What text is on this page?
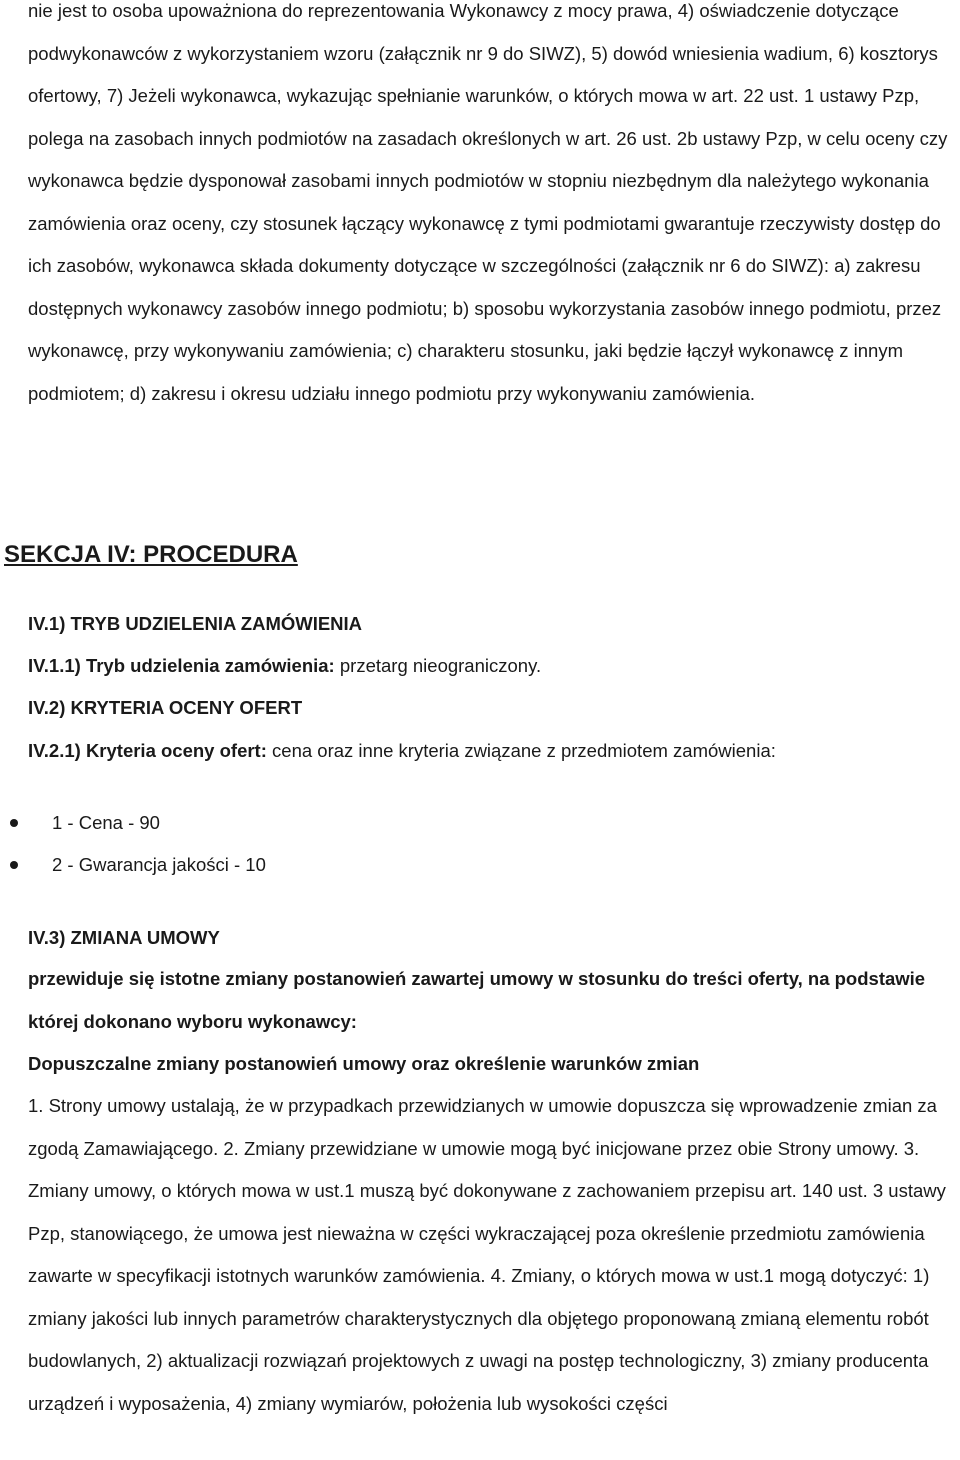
nie jest to osoba upoważniona do reprezentowania Wykonawcy z mocy prawa, 4) oświadczenie dotyczące podwykonawców z wykorzystaniem wzoru (załącznik nr 9 do SIWZ), 5) dowód wniesienia wadium, 6) kosztorys ofertowy, 7) Jeżeli wykonawca, wykazując spełnianie warunków, o których mowa w art. 22 ust. 1 ustawy Pzp, polega na zasobach innych podmiotów na zasadach określonych w art. 26 ust. 2b ustawy Pzp, w celu oceny czy wykonawca będzie dysponował zasobami innych podmiotów w stopniu niezbędnym dla należytego wykonania zamówienia oraz oceny, czy stosunek łączący wykonawcę z tymi podmiotami gwarantuje rzeczywisty dostęp do ich zasobów, wykonawca składa dokumenty dotyczące w szczególności (załącznik nr 6 do SIWZ): a) zakresu dostępnych wykonawcy zasobów innego podmiotu; b) sposobu wykorzystania zasobów innego podmiotu, przez wykonawcę, przy wykonywaniu zamówienia; c) charakteru stosunku, jaki będzie łączył wykonawcę z innym podmiotem; d) zakresu i okresu udziału innego podmiotu przy wykonywaniu zamówienia.

SEKCJA IV: PROCEDURA

IV.1) TRYB UDZIELENIA ZAMÓWIENIA

IV.1.1) Tryb udzielenia zamówienia: przetarg nieograniczony.

IV.2) KRYTERIA OCENY OFERT

IV.2.1) Kryteria oceny ofert: cena oraz inne kryteria związane z przedmiotem zamówienia:

1 - Cena - 90
2 - Gwarancja jakości - 10

IV.3) ZMIANA UMOWY

przewiduje się istotne zmiany postanowień zawartej umowy w stosunku do treści oferty, na podstawie której dokonano wyboru wykonawcy:

Dopuszczalne zmiany postanowień umowy oraz określenie warunków zmian

1. Strony umowy ustalają, że w przypadkach przewidzianych w umowie dopuszcza się wprowadzenie zmian za zgodą Zamawiającego. 2. Zmiany przewidziane w umowie mogą być inicjowane przez obie Strony umowy. 3. Zmiany umowy, o których mowa w ust.1 muszą być dokonywane z zachowaniem przepisu art. 140 ust. 3 ustawy Pzp, stanowiącego, że umowa jest nieważna w części wykraczającej poza określenie przedmiotu zamówienia zawarte w specyfikacji istotnych warunków zamówienia. 4. Zmiany, o których mowa w ust.1 mogą dotyczyć: 1) zmiany jakości lub innych parametrów charakterystycznych dla objętego proponowaną zmianą elementu robót budowlanych, 2) aktualizacji rozwiązań projektowych z uwagi na postęp technologiczny, 3) zmiany producenta urządzeń i wyposażenia, 4) zmiany wymiarów, położenia lub wysokości części
